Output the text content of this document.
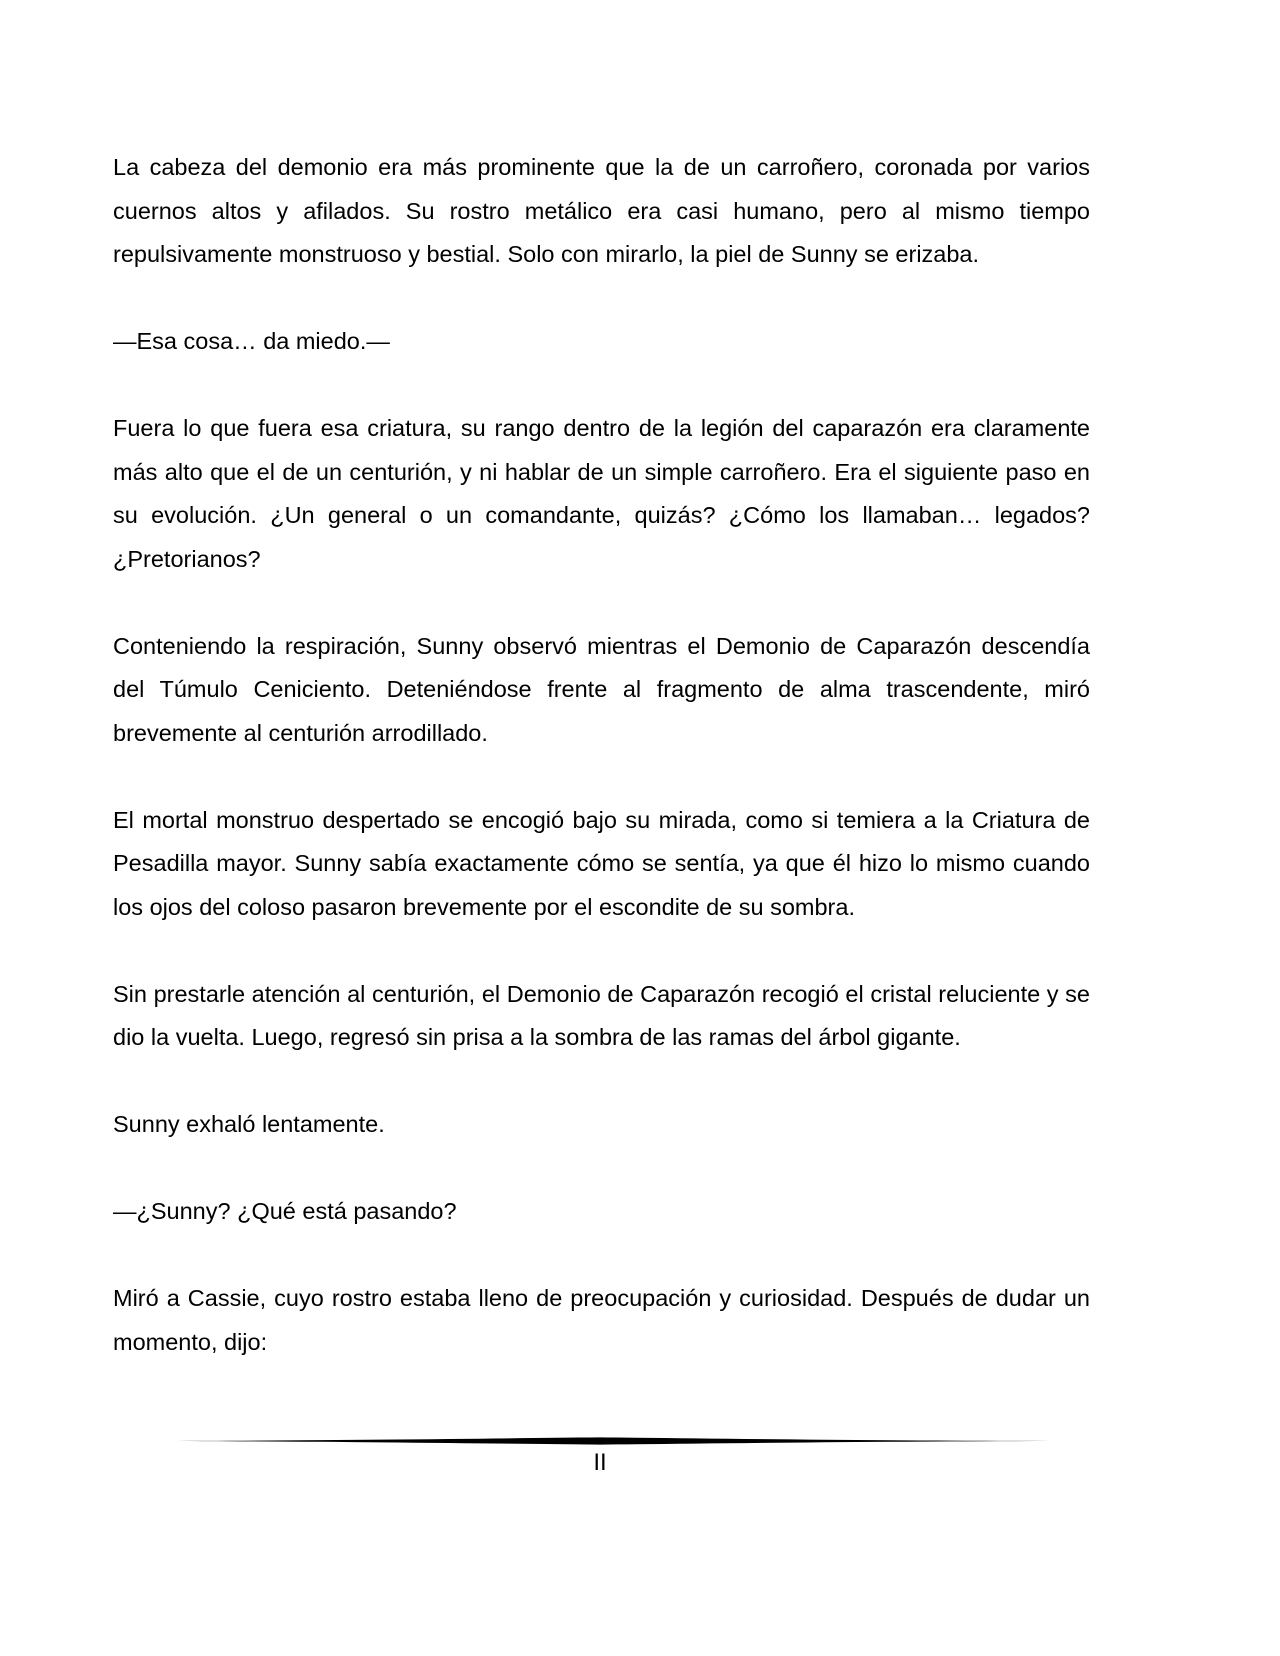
La cabeza del demonio era más prominente que la de un carroñero, coronada por varios cuernos altos y afilados. Su rostro metálico era casi humano, pero al mismo tiempo repulsivamente monstruoso y bestial. Solo con mirarlo, la piel de Sunny se erizaba.

—Esa cosa… da miedo.—

Fuera lo que fuera esa criatura, su rango dentro de la legión del caparazón era claramente más alto que el de un centurión, y ni hablar de un simple carroñero. Era el siguiente paso en su evolución. ¿Un general o un comandante, quizás? ¿Cómo los llamaban… legados? ¿Pretorianos?

Conteniendo la respiración, Sunny observó mientras el Demonio de Caparazón descendía del Túmulo Ceniciento. Deteniéndose frente al fragmento de alma trascendente, miró brevemente al centurión arrodillado.

El mortal monstruo despertado se encogió bajo su mirada, como si temiera a la Criatura de Pesadilla mayor. Sunny sabía exactamente cómo se sentía, ya que él hizo lo mismo cuando los ojos del coloso pasaron brevemente por el escondite de su sombra.

Sin prestarle atención al centurión, el Demonio de Caparazón recogió el cristal reluciente y se dio la vuelta. Luego, regresó sin prisa a la sombra de las ramas del árbol gigante.

Sunny exhaló lentamente.

—¿Sunny? ¿Qué está pasando?

Miró a Cassie, cuyo rostro estaba lleno de preocupación y curiosidad. Después de dudar un momento, dijo:

II
